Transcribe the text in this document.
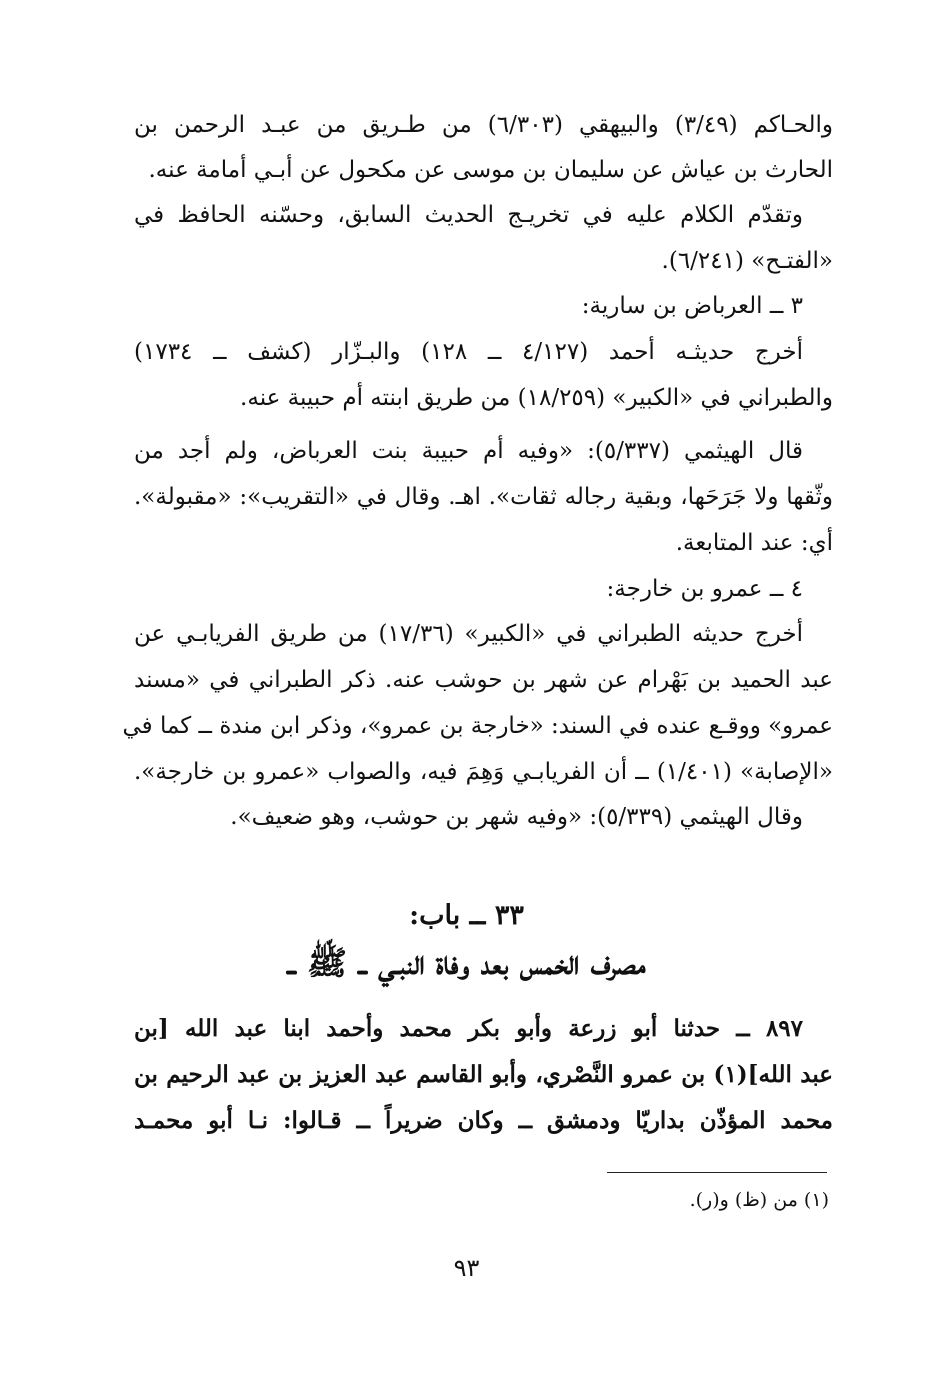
والحـاكم (٣/٤٩) والبيهقي (٦/٣٠٣) من طـريق من عبـد الرحمن بن
الحارث بن عياش عن سليمان بن موسى عن مكحول عن أبـي أمامة عنه.
وتقدّم الكلام عليه في تخريـج الحديث السابق، وحسّنه الحافظ في
«الفتـح» (٦/٢٤١).
٣ ــ العرباض بن سارية:
أخرج حديثـه أحمد (٤/١٢٧ ــ ١٢٨) والبـزّار (كشف ــ ١٧٣٤)
والطبراني في «الكبير» (١٨/٢٥٩) من طريق ابنته أم حبيبة عنه.
قال الهيثمي (٥/٣٣٧): «وفيه أم حبيبة بنت العرباض، ولم أجد من
وثّقها ولا جَرَحَها، وبقية رجاله ثقات». اهـ. وقال في «التقريب»: «مقبولة».
أي: عند المتابعة.
٤ ــ عمرو بن خارجة:
أخرج حديثه الطبراني في «الكبير» (١٧/٣٦) من طريق الفريابـي عن
عبد الحميد بن بَهْرام عن شهر بن حوشب عنه. ذكر الطبراني في «مسند
عمرو» ووقـع عنده في السند: «خارجة بن عمرو»، وذكر ابن مندة ــ كما في
«الإصابة» (١/٤٠١) ــ أن الفريابـي وَهِمَ فيه، والصواب «عمرو بن خارجة».
وقال الهيثمي (٥/٣٣٩): «وفيه شهر بن حوشب، وهو ضعيف».
٣٣ ــ باب:
مصرف الخمس بعد وفاة النبـي ــ ﷺ ــ
٨٩٧ ــ حدثنا أبو زرعة وأبو بكر محمد وأحمد ابنا عبد الله [بن
عبد الله](١) بن عمرو النَّصْري، وأبو القاسم عبد العزيز بن عبد الرحيم بن
محمد المؤذّن بداريّا ودمشق ــ وكان ضريراً ــ قـالوا: نـا أبو محمـد
(١) من (ظ) و(ر).
٩٣
